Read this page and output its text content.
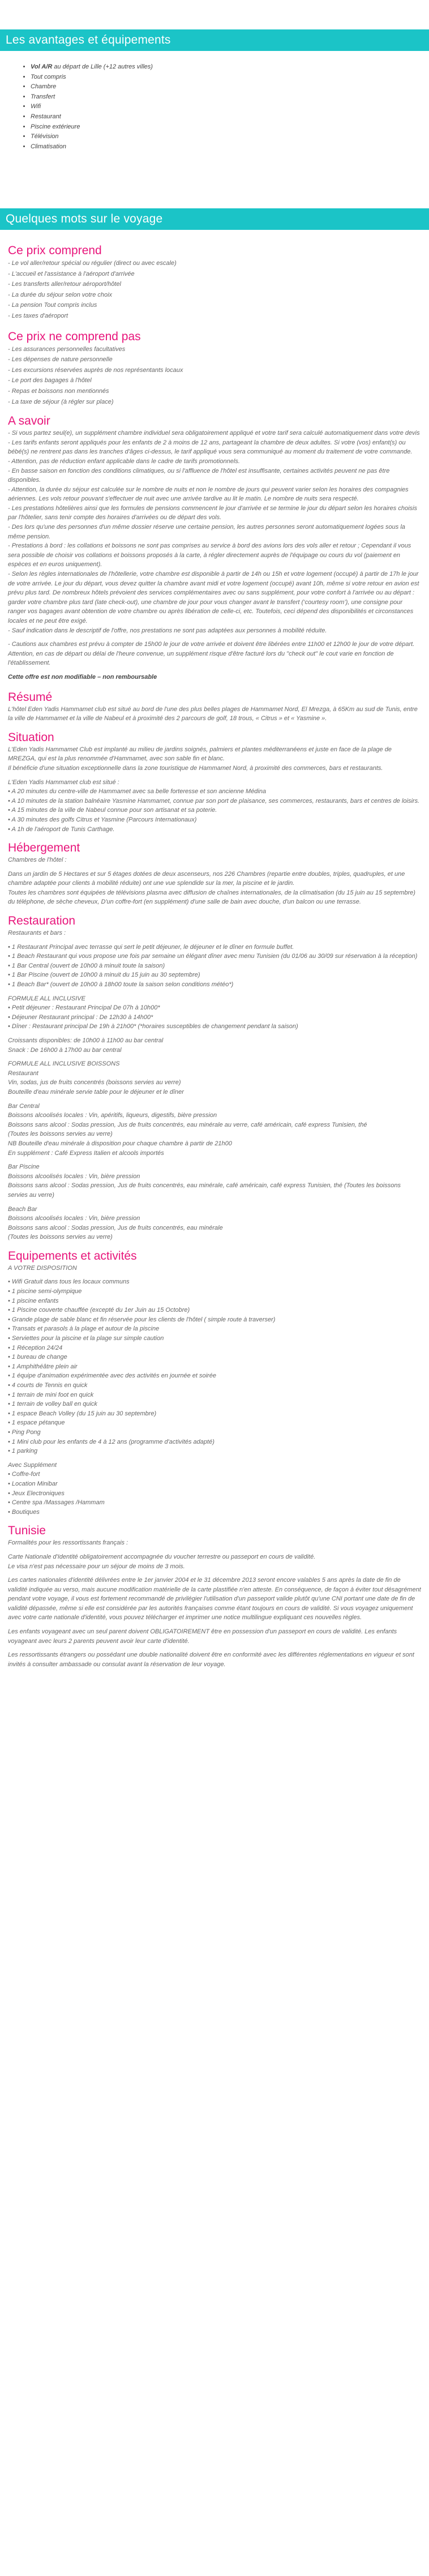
Les avantages et équipements
• Vol A/R au départ de Lille (+12 autres villes)
• Tout compris
• Chambre
• Transfert
• Wifi
• Restaurant
• Piscine extérieure
• Télévision
• Climatisation
Quelques mots sur le voyage
Ce prix comprend
- Le vol aller/retour spécial ou régulier (direct ou avec escale)
- L'accueil et l'assistance à l'aéroport d'arrivée
- Les transferts aller/retour aéroport/hôtel
- La durée du séjour selon votre choix
- La pension Tout compris inclus
- Les taxes d'aéroport
Ce prix ne comprend pas
- Les assurances personnelles facultatives
- Les dépenses de nature personnelle
- Les excursions réservées auprès de nos représentants locaux
- Le port des bagages à l'hôtel
- Repas et boissons non mentionnés
- La taxe de séjour (à régler sur place)
A savoir

- Si vous partez seul(e), un supplément chambre individuel sera obligatoirement appliqué et votre tarif sera calculé automatiquement dans votre devis

- Les tarifs enfants seront appliqués pour les enfants de 2 à moins de 12 ans, partageant la chambre de deux adultes. Si votre (vos) enfant(s) ou bébé(s) ne rentrent pas dans les tranches d'âges ci-dessus, le tarif appliqué vous sera communiqué au moment du traitement de votre commande.

- Attention, pas de réduction enfant applicable dans le cadre de tarifs promotionnels.

- En basse saison en fonction des conditions climatiques, ou si l'affluence de l'hôtel est insuffisante, certaines activités peuvent ne pas être disponibles.

- Attention, la durée du séjour est calculée sur le nombre de nuits et non le nombre de jours qui peuvent varier selon les horaires des compagnies aériennes. Les vols retour pouvant s'effectuer de nuit avec une arrivée tardive au lit le matin. Le nombre de nuits sera respecté.

- Les prestations hôtelières ainsi que les formules de pensions commencent le jour d'arrivée et se termine le jour du départ selon les horaires choisis par l'hôtelier, sans tenir compte des horaires d'arrivées ou de départ des vols.

- Des lors qu'une des personnes d'un même dossier réserve une certaine pension, les autres personnes seront automatiquement logées sous la même pension.

- Prestations à bord : les collations et boissons ne sont pas comprises au service à bord des avions lors des vols aller et retour ; Cependant il vous sera possible de choisir vos collations et boissons proposés à la carte, à régler directement auprès de l'équipage ou cours du vol (paiement en espèces et en euros uniquement).

- Selon les règles internationales de l'hôtellerie, votre chambre est disponible à partir de 14h ou 15h et votre logement (occupé) à partir de 17h le jour de votre arrivée. Le jour du départ, vous devez quitter la chambre avant midi et votre logement (occupé) avant 10h, même si votre retour en avion est prévu plus tard. De nombreux hôtels prévoient des services complémentaires avec ou sans supplément, pour votre confort à l'arrivée ou au départ : garder votre chambre plus tard (late check-out), une chambre de jour pour vous changer avant le transfert (‘courtesy room’), une consigne pour ranger vos bagages avant obtention de votre chambre ou après libération de celle-ci, etc. Toutefois, ceci dépend des disponibilités et circonstances locales et ne peut être exigé.

- Sauf indication dans le descriptif de l'offre, nos prestations ne sont pas adaptées aux personnes à mobilité réduite.

- Cautions aux chambres est prévu à compter de 15h00 le jour de votre arrivée et doivent être libérées entre 11h00 et 12h00 le jour de votre départ. Attention, en cas de départ ou délai de l'heure convenue, un supplément risque d'être facturé lors du "check out" le cout varie en fonction de l'établissement.

Cette offre est non modifiable – non remboursable

Résumé

L'hôtel Eden Yadis Hammamet club est situé au bord de l'une des plus belles plages de Hammamet Nord, El Mrezga, à 65Km au sud de Tunis, entre la ville de Hammamet et la ville de Nabeul et à proximité des 2 parcours de golf, 18 trous, « Citrus » et « Yasmine ».

Situation

L'Eden Yadis Hammamet Club est implanté au milieu de jardins soignés, palmiers et plantes méditerranéens et juste en face de la plage de MREZGA, qui est la plus renommée d'Hammamet, avec son sable fin et blanc.

Il bénéficie d'une situation exceptionnelle dans la zone touristique de Hammamet Nord, à proximité des commerces, bars et restaurants.

L'Eden Yadis Hammamet club est situé :

• A 20 minutes du centre-ville de Hammamet avec sa belle forteresse et son ancienne Médina

• A 10 minutes de la station balnéaire Yasmine Hammamet, connue par son port de plaisance, ses commerces, restaurants, bars et centres de loisirs.

• A 15 minutes de la ville de Nabeul connue pour son artisanat et sa poterie.

• A 30 minutes des golfs Citrus et Yasmine (Parcours Internationaux)

• A 1h de l'aéroport de Tunis Carthage.

Hébergement

Chambres de l'hôtel :

Dans un jardin de 5 Hectares et sur 5 étages dotées de deux ascenseurs, nos 226 Chambres (repartie entre doubles, triples, quadruples, et une chambre adaptée pour clients à mobilité réduite) ont une vue splendide sur la mer, la piscine et le jardin.

Toutes les chambres sont équipées de télévisions plasma avec diffusion de chaînes internationales, de la climatisation (du 15 juin au 15 septembre) du téléphone, de sèche cheveux, D'un coffre-fort (en supplément) d'une salle de bain avec douche, d'un balcon ou une terrasse.

Restauration

Restaurants et bars :

• 1 Restaurant Principal avec terrasse qui sert le petit déjeuner, le déjeuner et le dîner en formule buffet.

• 1 Beach Restaurant qui vous propose une fois par semaine un élégant dîner avec menu Tunisien (du 01/06 au 30/09 sur réservation à la réception)

• 1 Bar Central (ouvert de 10h00 à minuit toute la saison)

• 1 Bar Piscine (ouvert de 10h00 à minuit du 15 juin au 30 septembre)

• 1 Beach Bar* (ouvert de 10h00 à 18h00 toute la saison selon conditions météo*)

FORMULE ALL INCLUSIVE

• Petit déjeuner : Restaurant Principal De 07h à 10h00*

• Déjeuner Restaurant principal : De 12h30 à 14h00*

• Dîner : Restaurant principal De 19h à 21h00* (*horaires susceptibles de changement pendant la saison)

Croissants disponibles: de 10h00 à 11h00 au bar central

Snack : De 16h00 à 17h00 au bar central

FORMULE ALL INCLUSIVE BOISSONS

Restaurant

Vin, sodas, jus de fruits concentrés (boissons servies au verre)

Bouteille d'eau minérale servie table pour le déjeuner et le dîner

Bar Central

Boissons alcoolisés locales : Vin, apéritifs, liqueurs, digestifs, bière pression

Boissons sans alcool : Sodas pression, Jus de fruits concentrés, eau minérale au verre, café américain, café express Tunisien, thé

(Toutes les boissons servies au verre)

NB Bouteille d'eau minérale à disposition pour chaque chambre à partir de 21h00

En supplément : Café Express Italien et alcools importés

Bar Piscine

Boissons alcoolisés locales : Vin, bière pression

Boissons sans alcool : Sodas pression, Jus de fruits concentrés, eau minérale, café américain, café express Tunisien, thé (Toutes les boissons servies au verre)

Beach Bar

Boissons alcoolisés locales : Vin, bière pression

Boissons sans alcool : Sodas pression, Jus de fruits concentrés, eau minérale

(Toutes les boissons servies au verre)

Equipements et activités

A VOTRE DISPOSITION

• Wifi Gratuit dans tous les locaux communs

• 1 piscine semi-olympique

• 1 piscine enfants

• 1 Piscine couverte chauffée (excepté du 1er Juin au 15 Octobre)

• Grande plage de sable blanc et fin réservée pour les clients de l'hôtel ( simple route à traverser)

• Transats et parasols à la plage et autour de la piscine

• Serviettes pour la piscine et la plage sur simple caution

• 1 Réception 24/24

• 1 bureau de change

• 1 Amphithéâtre plein air

• 1 équipe d'animation expérimentée avec des activités en journée et soirée

• 4 courts de Tennis en quick

• 1 terrain de mini foot en quick

• 1 terrain de volley ball en quick

• 1 espace Beach Volley (du 15 juin au 30 septembre)

• 1 espace pétanque

• Ping Pong

• 1 Mini club pour les enfants de 4 à 12 ans (programme d'activités adapté)

• 1 parking

Avec Supplément

• Coffre-fort

• Location Minibar

• Jeux Electroniques

• Centre spa /Massages /Hammam

• Boutiques

Tunisie

Formalités pour les ressortissants français :

Carte Nationale d'Identité obligatoirement accompagnée du voucher terrestre ou passeport en cours de validité.

Le visa n'est pas nécessaire pour un séjour de moins de 3 mois.

Les cartes nationales d'identité délivrées entre le 1er janvier 2004 et le 31 décembre 2013 seront encore valables 5 ans après la date de fin de validité indiquée au verso, mais aucune modification matérielle de la carte plastifiée n'en atteste. En conséquence, de façon à éviter tout désagrément pendant votre voyage, il vous est fortement recommandé de privilégier l'utilisation d'un passeport valide plutôt qu'une CNI portant une date de fin de validité dépassée, même si elle est considérée par les autorités françaises comme étant toujours en cours de validité. Si vous voyagez uniquement avec votre carte nationale d'identité, vous pouvez télécharger et imprimer une notice multilingue expliquant ces nouvelles règles.

Les enfants voyageant avec un seul parent doivent OBLIGATOIREMENT être en possession d'un passeport en cours de validité. Les enfants voyageant avec leurs 2 parents peuvent avoir leur carte d'identité.

Les ressortissants étrangers ou possédant une double nationalité doivent être en conformité avec les différentes réglementations en vigueur et sont invités à consulter ambassade ou consulat avant la réservation de leur voyage.
